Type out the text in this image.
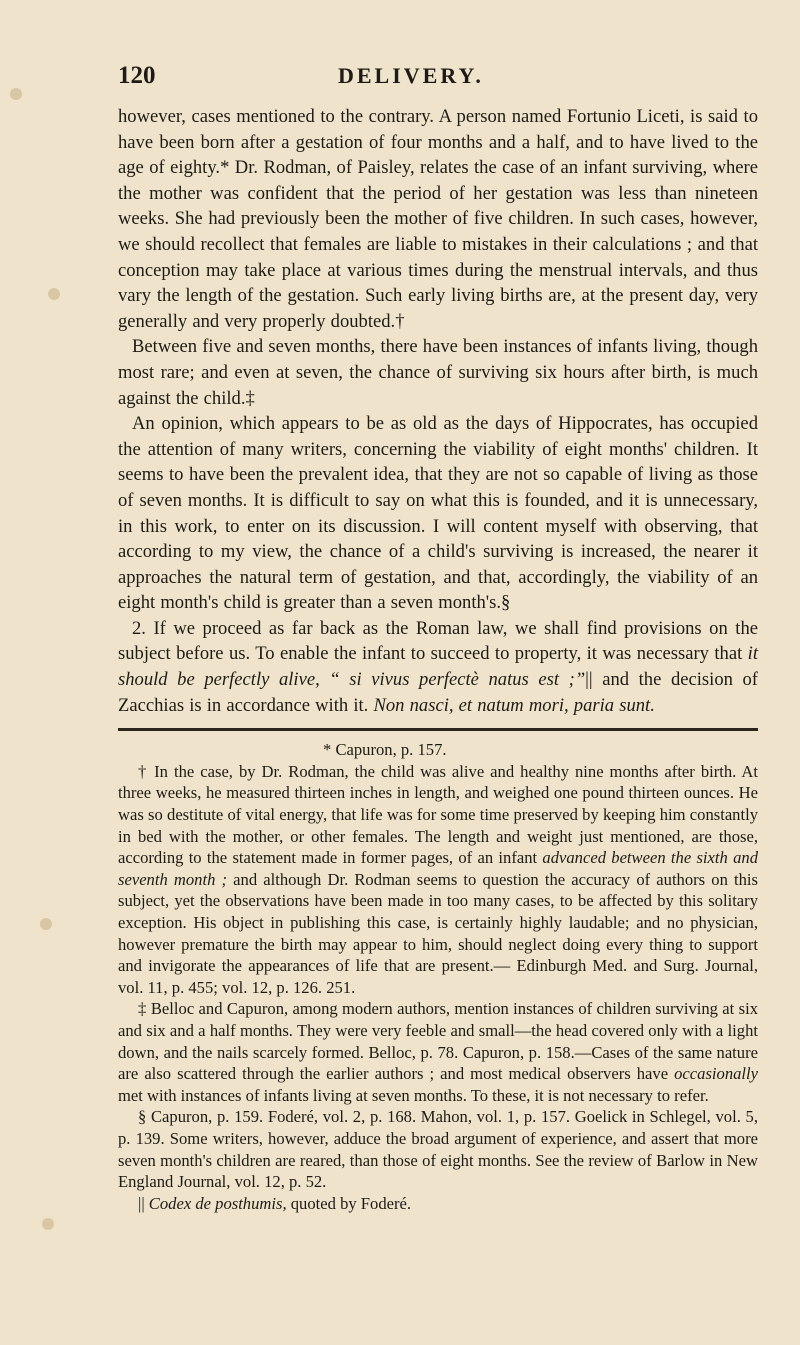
120	DELIVERY.

however, cases mentioned to the contrary. A person named Fortunio Liceti, is said to have been born after a gestation of four months and a half, and to have lived to the age of eighty.* Dr. Rodman, of Paisley, relates the case of an infant surviving, where the mother was confident that the period of her gestation was less than nineteen weeks. She had previously been the mother of five children. In such cases, however, we should recollect that females are liable to mistakes in their calculations ; and that conception may take place at various times during the menstrual intervals, and thus vary the length of the gestation. Such early living births are, at the present day, very generally and very properly doubted.†

Between five and seven months, there have been instances of infants living, though most rare; and even at seven, the chance of surviving six hours after birth, is much against the child.‡

An opinion, which appears to be as old as the days of Hippocrates, has occupied the attention of many writers, concerning the viability of eight months' children. It seems to have been the prevalent idea, that they are not so capable of living as those of seven months. It is difficult to say on what this is founded, and it is unnecessary, in this work, to enter on its discussion. I will content myself with observing, that according to my view, the chance of a child's surviving is increased, the nearer it approaches the natural term of gestation, and that, accordingly, the viability of an eight month's child is greater than a seven month's.§

2. If we proceed as far back as the Roman law, we shall find provisions on the subject before us. To enable the infant to succeed to property, it was necessary that it should be perfectly alive, “ si vivus perfectè natus est ;”|| and the decision of Zacchias is in accordance with it. Non nasci, et natum mori, paria sunt.

* Capuron, p. 157.

† In the case, by Dr. Rodman, the child was alive and healthy nine months after birth. At three weeks, he measured thirteen inches in length, and weighed one pound thirteen ounces. He was so destitute of vital energy, that life was for some time preserved by keeping him constantly in bed with the mother, or other females. The length and weight just mentioned, are those, according to the statement made in former pages, of an infant advanced between the sixth and seventh month ; and although Dr. Rodman seems to question the accuracy of authors on this subject, yet the observations have been made in too many cases, to be affected by this solitary exception. His object in publishing this case, is certainly highly laudable; and no physician, however premature the birth may appear to him, should neglect doing every thing to support and invigorate the appearances of life that are present.— Edinburgh Med. and Surg. Journal, vol. 11, p. 455; vol. 12, p. 126. 251.

‡ Belloc and Capuron, among modern authors, mention instances of children surviving at six and six and a half months. They were very feeble and small—the head covered only with a light down, and the nails scarcely formed. Belloc, p. 78. Capuron, p. 158.—Cases of the same nature are also scattered through the earlier authors ; and most medical observers have occasionally met with instances of infants living at seven months. To these, it is not necessary to refer.

§ Capuron, p. 159. Foderé, vol. 2, p. 168. Mahon, vol. 1, p. 157. Goelick in Schlegel, vol. 5, p. 139. Some writers, however, adduce the broad argument of experience, and assert that more seven month's children are reared, than those of eight months. See the review of Barlow in New England Journal, vol. 12, p. 52.

|| Codex de posthumis, quoted by Foderé.
